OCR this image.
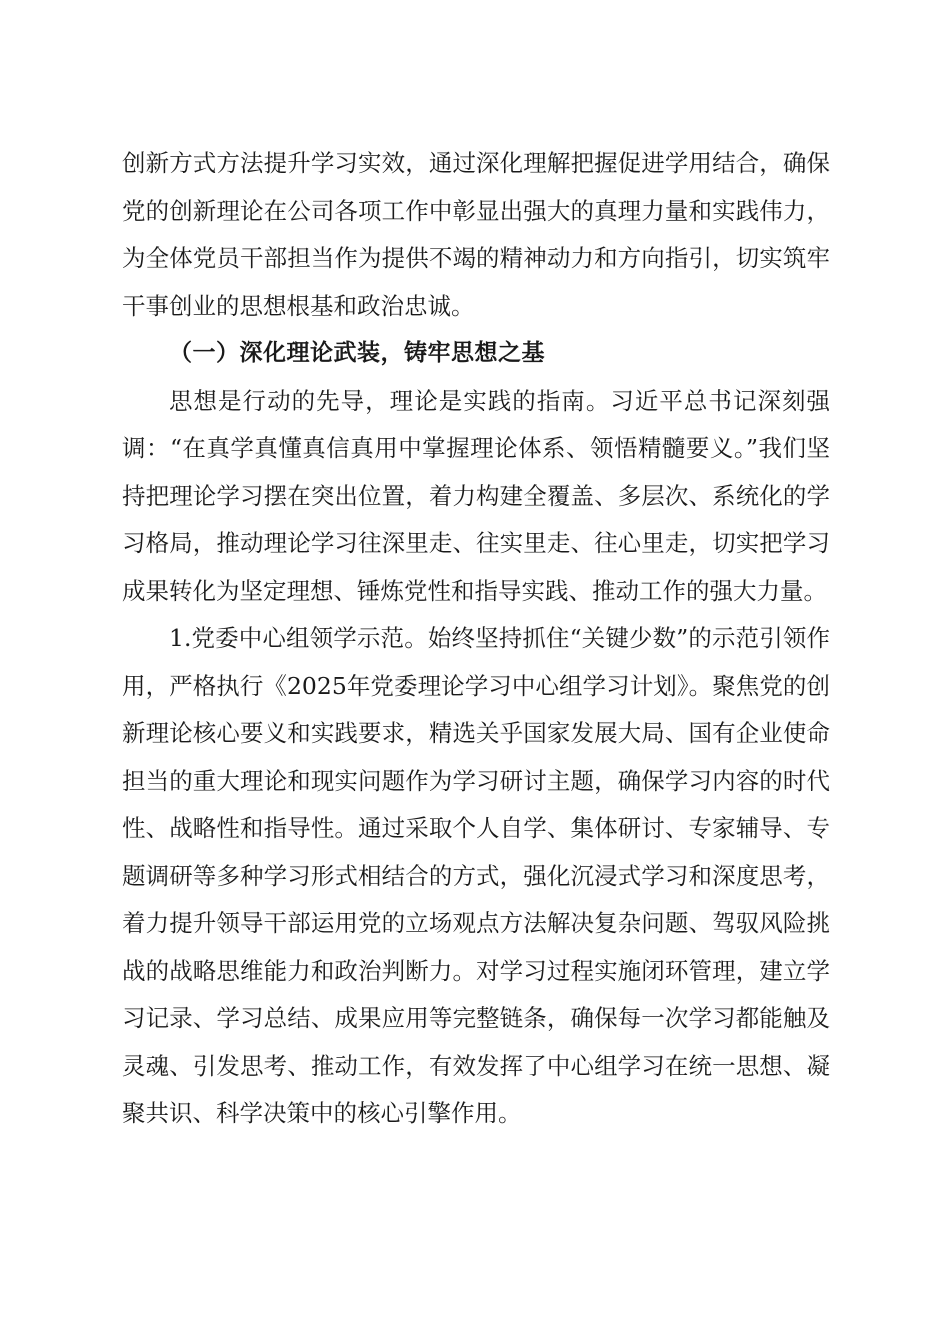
创新方式方法提升学习实效，通过深化理解把握促进学用结合，确保党的创新理论在公司各项工作中彰显出强大的真理力量和实践伟力，为全体党员干部担当作为提供不竭的精神动力和方向指引，切实筑牢干事创业的思想根基和政治忠诚。

（一）深化理论武装，铸牢思想之基

思想是行动的先导，理论是实践的指南。习近平总书记深刻强调：“在真学真懂真信真用中掌握理论体系、领悟精髓要义。”我们坚持把理论学习摆在突出位置，着力构建全覆盖、多层次、系统化的学习格局，推动理论学习往深里走、往实里走、往心里走，切实把学习成果转化为坚定理想、锤炼党性和指导实践、推动工作的强大力量。

1.党委中心组领学示范。始终坚持抓住“关键少数”的示范引领作用，严格执行《2025年党委理论学习中心组学习计划》。聚焦党的创新理论核心要义和实践要求，精选关乎国家发展大局、国有企业使命担当的重大理论和现实问题作为学习研讨主题，确保学习内容的时代性、战略性和指导性。通过采取个人自学、集体研讨、专家辅导、专题调研等多种学习形式相结合的方式，强化沉浸式学习和深度思考，着力提升领导干部运用党的立场观点方法解决复杂问题、驾驭风险挑战的战略思维能力和政治判断力。对学习过程实施闭环管理，建立学习记录、学习总结、成果应用等完整链条，确保每一次学习都能触及灵魂、引发思考、推动工作，有效发挥了中心组学习在统一思想、凝聚共识、科学决策中的核心引擎作用。
